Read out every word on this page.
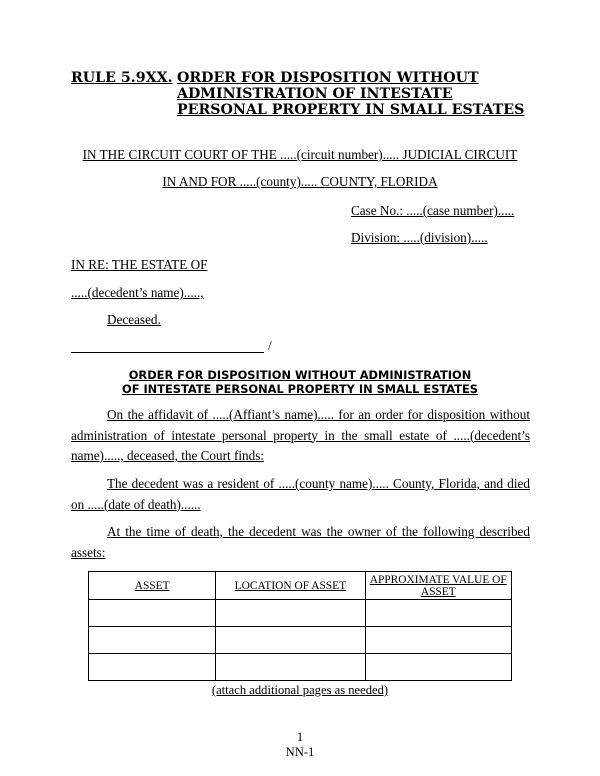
RULE 5.9XX. ORDER FOR DISPOSITION WITHOUT ADMINISTRATION OF INTESTATE PERSONAL PROPERTY IN SMALL ESTATES
IN THE CIRCUIT COURT OF THE .....(circuit number)..... JUDICIAL CIRCUIT
IN AND FOR .....(county)..... COUNTY, FLORIDA
Case No.: .....(case number).....
Division: .....(division).....
IN RE: THE ESTATE OF
.....(decedent’s name).....,
Deceased.
/
ORDER FOR DISPOSITION WITHOUT ADMINISTRATION
OF INTESTATE PERSONAL PROPERTY IN SMALL ESTATES
On the affidavit of .....(Affiant’s name)..... for an order for disposition without administration of intestate personal property in the small estate of .....(decedent’s name)....., deceased, the Court finds:
The decedent was a resident of .....(county name)..... County, Florida, and died on .....(date of death)......
At the time of death, the decedent was the owner of the following described assets:
ASSET	LOCATION OF ASSET	APPROXIMATE VALUE OF ASSET

(attach additional pages as needed)
1
NN-1
